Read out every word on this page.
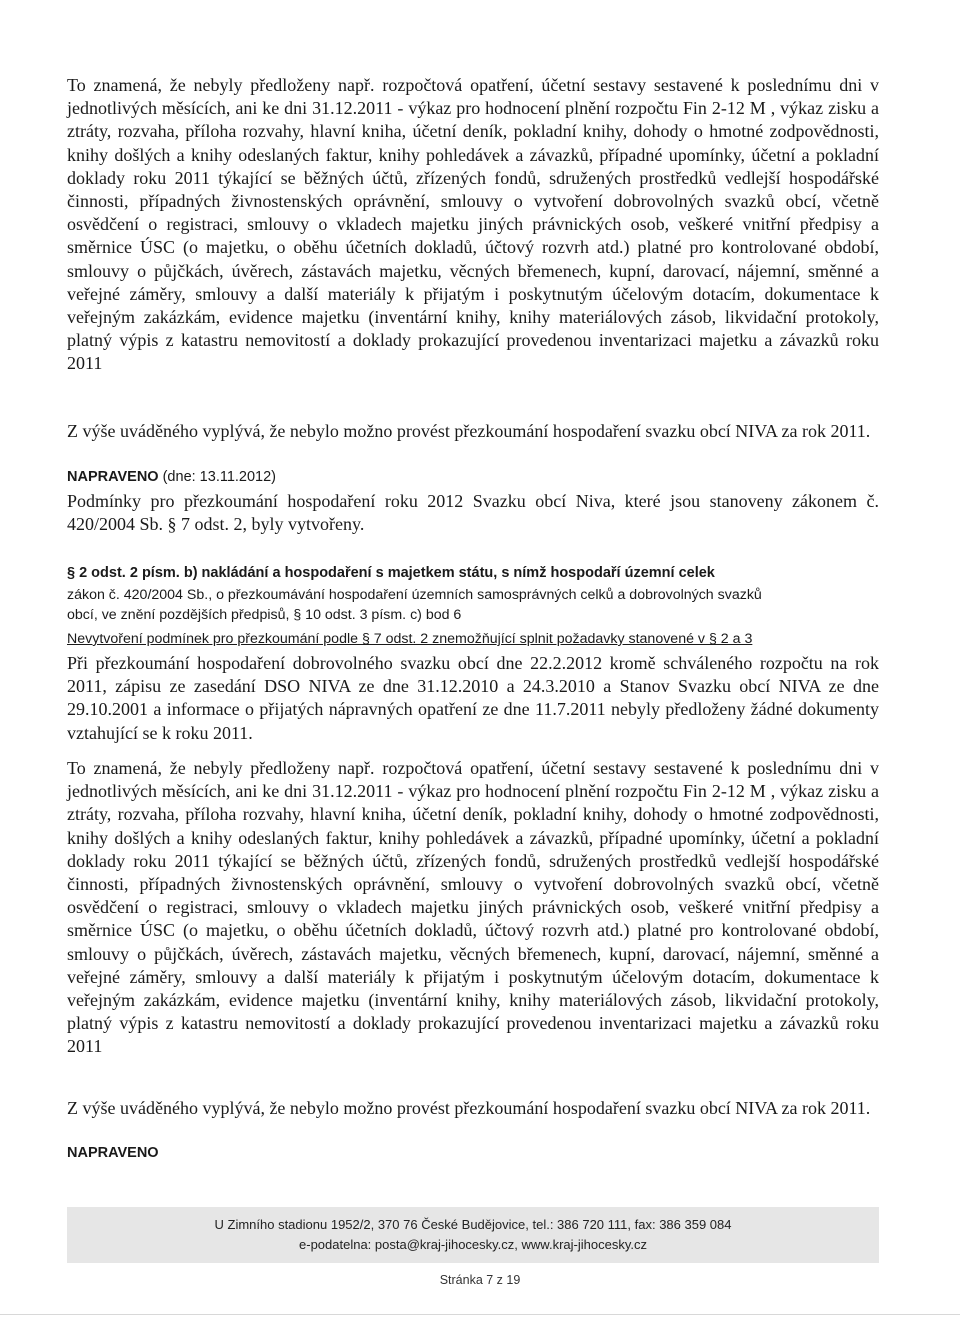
To znamená, že nebyly předloženy např. rozpočtová opatření, účetní sestavy sestavené k poslednímu dni v jednotlivých měsících, ani ke dni 31.12.2011 - výkaz pro hodnocení plnění rozpočtu Fin 2-12 M , výkaz zisku a ztráty, rozvaha, příloha rozvahy, hlavní kniha, účetní deník, pokladní knihy, dohody o hmotné zodpovědnosti, knihy došlých a knihy odeslaných faktur, knihy pohledávek a závazků, případné upomínky, účetní a pokladní doklady roku 2011 týkající se běžných účtů, zřízených fondů, sdružených prostředků vedlejší hospodářské činnosti, případných živnostenských oprávnění, smlouvy o vytvoření dobrovolných svazků obcí, včetně osvědčení o registraci, smlouvy o vkladech majetku jiných právnických osob, veškeré vnitřní předpisy a směrnice ÚSC (o majetku, o oběhu účetních dokladů, účtový rozvrh atd.) platné pro kontrolované období, smlouvy o půjčkách, úvěrech, zástavách majetku, věcných břemenech, kupní, darovací, nájemní, směnné a veřejné záměry, smlouvy a další materiály k přijatým i poskytnutým účelovým dotacím, dokumentace k veřejným zakázkám, evidence majetku (inventární knihy, knihy materiálových zásob, likvidační protokoly, platný výpis z katastru nemovitostí a doklady prokazující provedenou inventarizaci majetku a závazků roku 2011

Z výše uváděného vyplývá, že nebylo možno provést přezkoumání hospodaření svazku obcí NIVA za rok 2011.

NAPRAVENO (dne: 13.11.2012)

Podmínky pro přezkoumání hospodaření roku 2012 Svazku obcí Niva, které jsou stanoveny zákonem č. 420/2004 Sb. § 7 odst. 2, byly vytvořeny.

§ 2 odst. 2 písm. b) nakládání a hospodaření s majetkem státu, s nímž hospodaří územní celek
zákon č. 420/2004 Sb., o přezkoumávání hospodaření územních samosprávných celků a dobrovolných svazků
obcí, ve znění pozdějších předpisů, § 10 odst. 3 písm. c) bod 6
Nevytvoření podmínek pro přezkoumání podle § 7 odst. 2 znemožňující splnit požadavky stanovené v § 2 a 3

Při přezkoumání hospodaření dobrovolného svazku obcí dne 22.2.2012 kromě schváleného rozpočtu na rok 2011, zápisu ze zasedání DSO NIVA ze dne 31.12.2010 a 24.3.2010 a Stanov Svazku obcí NIVA ze dne 29.10.2001 a informace o přijatých nápravných opatření ze dne 11.7.2011 nebyly předloženy žádné dokumenty vztahující se k roku 2011.

To znamená, že nebyly předloženy např. rozpočtová opatření, účetní sestavy sestavené k poslednímu dni v jednotlivých měsících, ani ke dni 31.12.2011 - výkaz pro hodnocení plnění rozpočtu Fin 2-12 M , výkaz zisku a ztráty, rozvaha, příloha rozvahy, hlavní kniha, účetní deník, pokladní knihy, dohody o hmotné zodpovědnosti, knihy došlých a knihy odeslaných faktur, knihy pohledávek a závazků, případné upomínky, účetní a pokladní doklady roku 2011 týkající se běžných účtů, zřízených fondů, sdružených prostředků vedlejší hospodářské činnosti, případných živnostenských oprávnění, smlouvy o vytvoření dobrovolných svazků obcí, včetně osvědčení o registraci, smlouvy o vkladech majetku jiných právnických osob, veškeré vnitřní předpisy a směrnice ÚSC (o majetku, o oběhu účetních dokladů, účtový rozvrh atd.) platné pro kontrolované období, smlouvy o půjčkách, úvěrech, zástavách majetku, věcných břemenech, kupní, darovací, nájemní, směnné a veřejné záměry, smlouvy a další materiály k přijatým i poskytnutým účelovým dotacím, dokumentace k veřejným zakázkám, evidence majetku (inventární knihy, knihy materiálových zásob, likvidační protokoly, platný výpis z katastru nemovitostí a doklady prokazující provedenou inventarizaci majetku a závazků roku 2011

Z výše uváděného vyplývá, že nebylo možno provést přezkoumání hospodaření svazku obcí NIVA za rok 2011.

NAPRAVENO
U Zimního stadionu 1952/2, 370 76 České Budějovice, tel.: 386 720 111, fax: 386 359 084
e-podatelna: posta@kraj-jihocesky.cz, www.kraj-jihocesky.cz
Stránka 7 z 19
